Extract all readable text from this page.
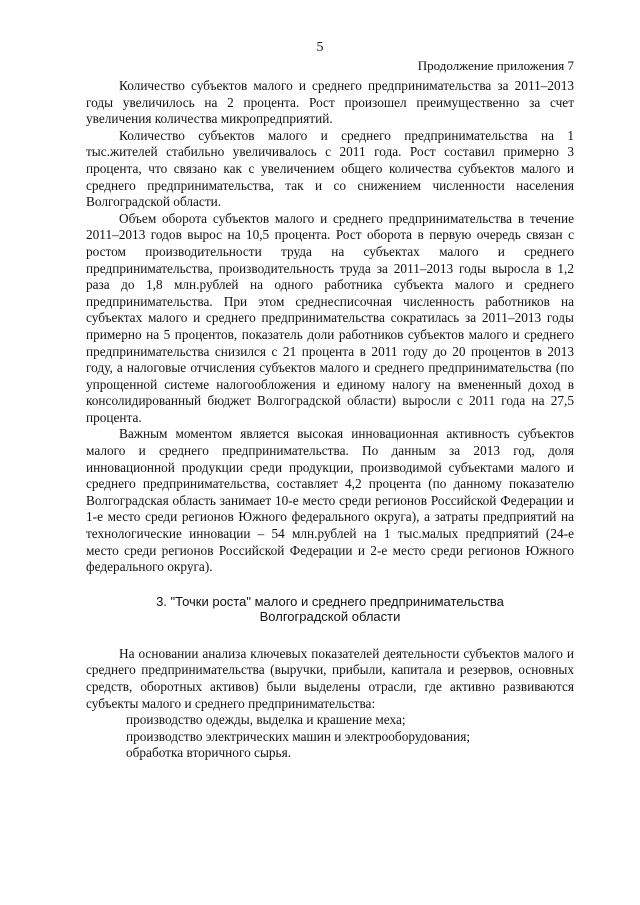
5
Продолжение приложения 7

Количество субъектов малого и среднего предпринимательства за 2011–2013 годы увеличилось на 2 процента. Рост произошел преимущественно за счет увеличения количества микропредприятий.

Количество субъектов малого и среднего предпринимательства на 1 тыс.жителей стабильно увеличивалось с 2011 года. Рост составил примерно 3 процента, что связано как с увеличением общего количества субъектов малого и среднего предпринимательства, так и со снижением численности населения Волгоградской области.

Объем оборота субъектов малого и среднего предпринимательства в течение 2011–2013 годов вырос на 10,5 процента. Рост оборота в первую очередь связан с ростом производительности труда на субъектах малого и среднего предпринимательства, производительность труда за 2011–2013 годы выросла в 1,2 раза до 1,8 млн.рублей на одного работника субъекта малого и среднего предпринимательства. При этом среднесписочная численность работников на субъектах малого и среднего предпринимательства сократилась за 2011–2013 годы примерно на 5 процентов, показатель доли работников субъектов малого и среднего предпринимательства снизился с 21 процента в 2011 году до 20 процентов в 2013 году, а налоговые отчисления субъектов малого и среднего предпринимательства (по упрощенной системе налогообложения и единому налогу на вмененный доход в консолидированный бюджет Волгоградской области) выросли с 2011 года на 27,5 процента.

Важным моментом является высокая инновационная активность субъектов малого и среднего предпринимательства. По данным за 2013 год, доля инновационной продукции среди продукции, производимой субъектами малого и среднего предпринимательства, составляет 4,2 процента (по данному показателю Волгоградская область занимает 10-е место среди регионов Российской Федерации и 1-е место среди регионов Южного федерального округа), а затраты предприятий на технологические инновации – 54 млн.рублей на 1 тыс.малых предприятий (24-е место среди регионов Российской Федерации и 2-е место среди регионов Южного федерального округа).

3. "Точки роста" малого и среднего предпринимательства
Волгоградской области

На основании анализа ключевых показателей деятельности субъектов малого и среднего предпринимательства (выручки, прибыли, капитала и резервов, основных средств, оборотных активов) были выделены отрасли, где активно развиваются субъекты малого и среднего предпринимательства:

производство одежды, выделка и крашение меха;

производство электрических машин и электрооборудования;

обработка вторичного сырья.
